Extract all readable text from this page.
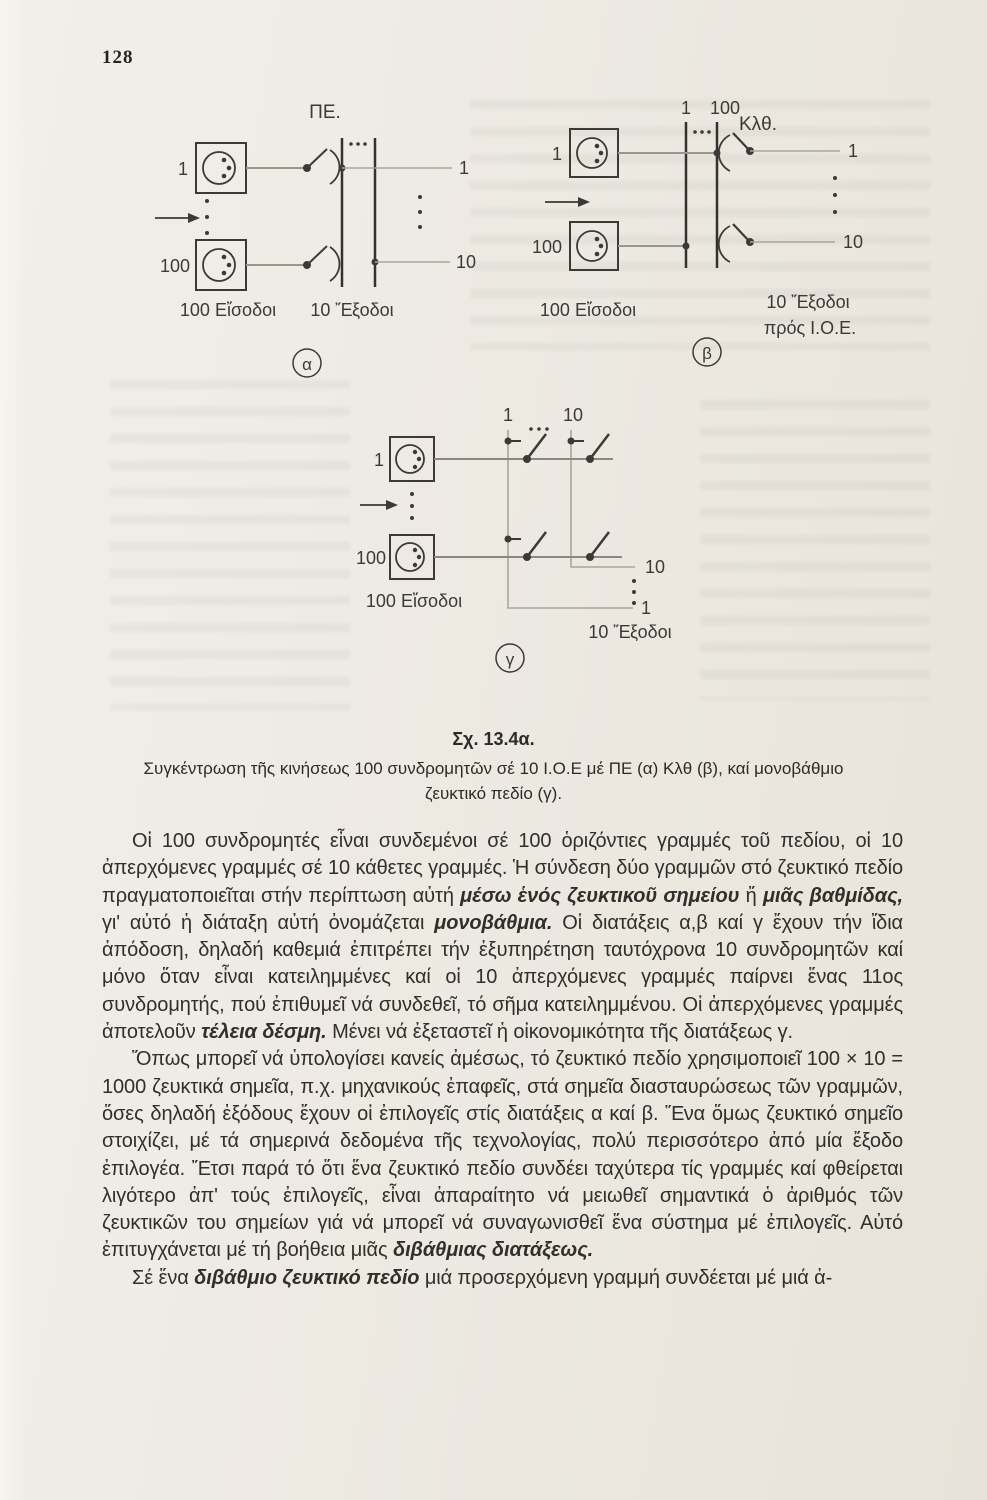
128
ΠΕ.
1
100
1
10
100 Εἴσοδοι 10 Ἔξοδοι
α
1 100
1
100
Κλθ.
1
10
100 Εἴσοδοι	10 Ἔξοδοι
πρός Ι.Ο.Ε.
β
1	10
1
100	10
1
100 Εἴσοδοι
10 Ἔξοδοι
γ
Σχ. 13.4α.
Συγκέντρωση τῆς κινήσεως 100 συνδρομητῶν σέ 10 Ι.Ο.Ε μέ ΠΕ (α) Κλθ (β), καί μονοβάθμιο
ζευκτικό πεδίο (γ).

Οἱ 100 συνδρομητές εἶναι συνδεμένοι σέ 100 ὁριζόντιες γραμμές τοῦ πεδίου, οἱ 10 ἀπερχόμενες γραμμές σέ 10 κάθετες γραμμές. Ἡ σύνδεση δύο γραμμῶν στό ζευκτικό πεδίο πραγματοποιεῖται στήν περίπτωση αὐτή μέσω ἑνός ζευκτικοῦ σημείου ἤ μιᾶς βαθμίδας, γι' αὐτό ἡ διάταξη αὐτή ὀνομάζεται μονοβάθμια. Οἱ διατάξεις α,β καί γ ἔχουν τήν ἴδια ἀπόδοση, δηλαδή καθεμιά ἐπιτρέπει τήν ἐξυπηρέτηση ταυτόχρονα 10 συνδρομητῶν καί μόνο ὅταν εἶναι κατειλημμένες καί οἱ 10 ἀπερχόμενες γραμμές παίρνει ἕνας 11ος συνδρομητής, πού ἐπιθυμεῖ νά συνδεθεῖ, τό σῆμα κατειλημμένου. Οἱ ἀπερχόμενες γραμμές ἀποτελοῦν τέλεια δέσμη. Μένει νά ἐξεταστεῖ ἡ οἰκονομικότητα τῆς διατάξεως γ.

Ὅπως μπορεῖ νά ὑπολογίσει κανείς ἀμέσως, τό ζευκτικό πεδίο χρησιμοποιεῖ 100 × 10 = 1000 ζευκτικά σημεῖα, π.χ. μηχανικούς ἐπαφεῖς, στά σημεῖα διασταυρώσεως τῶν γραμμῶν, ὅσες δηλαδή ἐξόδους ἔχουν οἱ ἐπιλογεῖς στίς διατάξεις α καί β. Ἕνα ὅμως ζευκτικό σημεῖο στοιχίζει, μέ τά σημερινά δεδομένα τῆς τεχνολογίας, πολύ περισσότερο ἀπό μία ἔξοδο ἐπιλογέα. Ἔτσι παρά τό ὅτι ἕνα ζευκτικό πεδίο συνδέει ταχύτερα τίς γραμμές καί φθείρεται λιγότερο ἀπ' τούς ἐπιλογεῖς, εἶναι ἀπαραίτητο νά μειωθεῖ σημαντικά ὁ ἀριθμός τῶν ζευκτικῶν του σημείων γιά νά μπορεῖ νά συναγωνισθεῖ ἕνα σύστημα μέ ἐπιλογεῖς. Αὐτό ἐπιτυγχάνεται μέ τή βοήθεια μιᾶς διβάθμιας διατάξεως.

Σέ ἕνα διβάθμιο ζευκτικό πεδίο μιά προσερχόμενη γραμμή συνδέεται μέ μιά ἀ-
